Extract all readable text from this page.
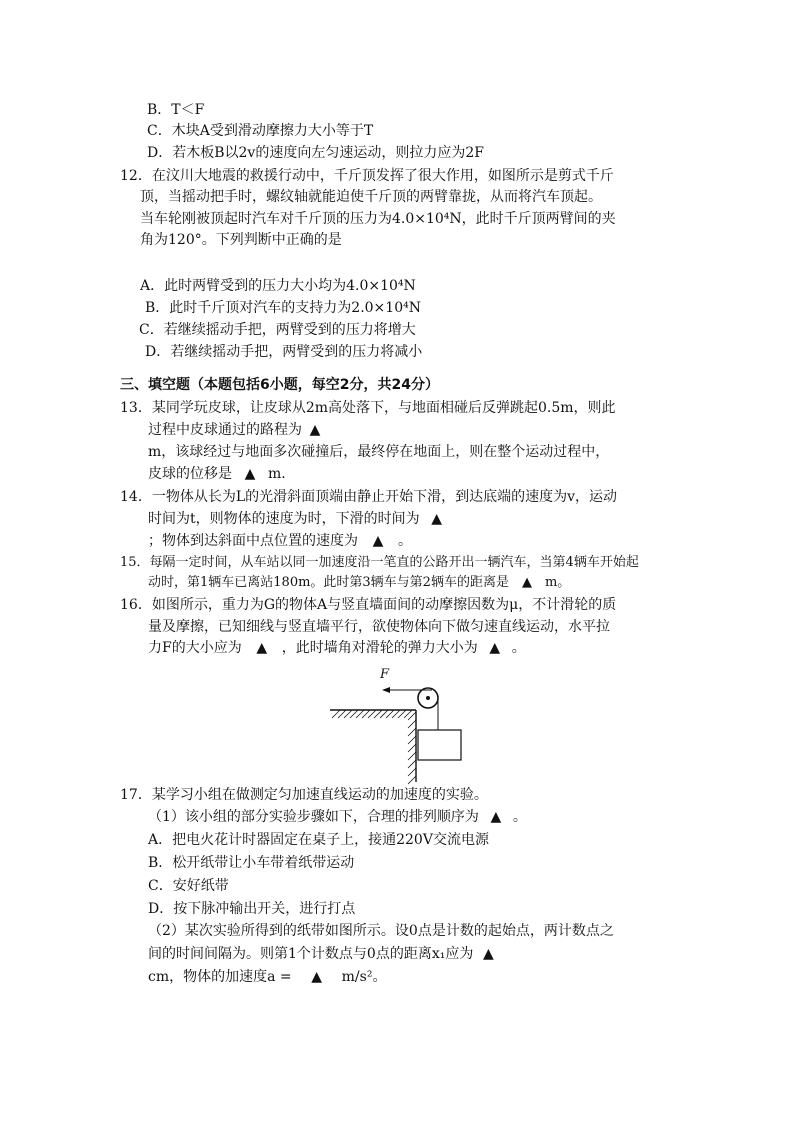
B．T＜F
C．木块A受到滑动摩擦力大小等于T
D．若木板B以2v的速度向左匀速运动，则拉力应为2F
12．在汶川大地震的救援行动中，千斤顶发挥了很大作用，如图所示是剪式千斤
顶，当摇动把手时，螺纹轴就能迫使千斤顶的两臂靠拢，从而将汽车顶起。
当车轮刚被顶起时汽车对千斤顶的压力为4.0×10⁴N，此时千斤顶两臂间的夹
角为120°。下列判断中正确的是
A．此时两臂受到的压力大小均为4.0×10⁴N
B．此时千斤顶对汽车的支持力为2.0×10⁴N
C．若继续摇动手把，两臂受到的压力将增大
D．若继续摇动手把，两臂受到的压力将减小
三、填空题（本题包括6小题，每空2分，共24分）
13．某同学玩皮球，让皮球从2m高处落下，与地面相碰后反弹跳起0.5m，则此
过程中皮球通过的路程为 ▲
m，该球经过与地面多次碰撞后，最终停在地面上，则在整个运动过程中，
皮球的位移是 ▲ m.
14．一物体从长为L的光滑斜面顶端由静止开始下滑，到达底端的速度为v，运动
时间为t，则物体的速度为时，下滑的时间为 ▲
；物体到达斜面中点位置的速度为 ▲ 。
15．每隔一定时间，从车站以同一加速度沿一笔直的公路开出一辆汽车，当第4辆车开始起
动时，第1辆车已离站180m。此时第3辆车与第2辆车的距离是 ▲ m。
16．如图所示，重力为G的物体A与竖直墙面间的动摩擦因数为μ，不计滑轮的质
量及摩擦，已知细线与竖直墙平行，欲使物体向下做匀速直线运动，水平拉
力F的大小应为 ▲ ，此时墙角对滑轮的弹力大小为 ▲ 。
F
17．某学习小组在做测定匀加速直线运动的加速度的实验。
（1）该小组的部分实验步骤如下，合理的排列顺序为 ▲ 。
A．把电火花计时器固定在桌子上，接通220V交流电源
B．松开纸带让小车带着纸带运动
C．安好纸带
D．按下脉冲输出开关，进行打点
（2）某次实验所得到的纸带如图所示。设0点是计数的起始点，两计数点之
间的时间间隔为。则第1个计数点与0点的距离x₁应为 ▲
cm，物体的加速度a = ▲ m/s²。
